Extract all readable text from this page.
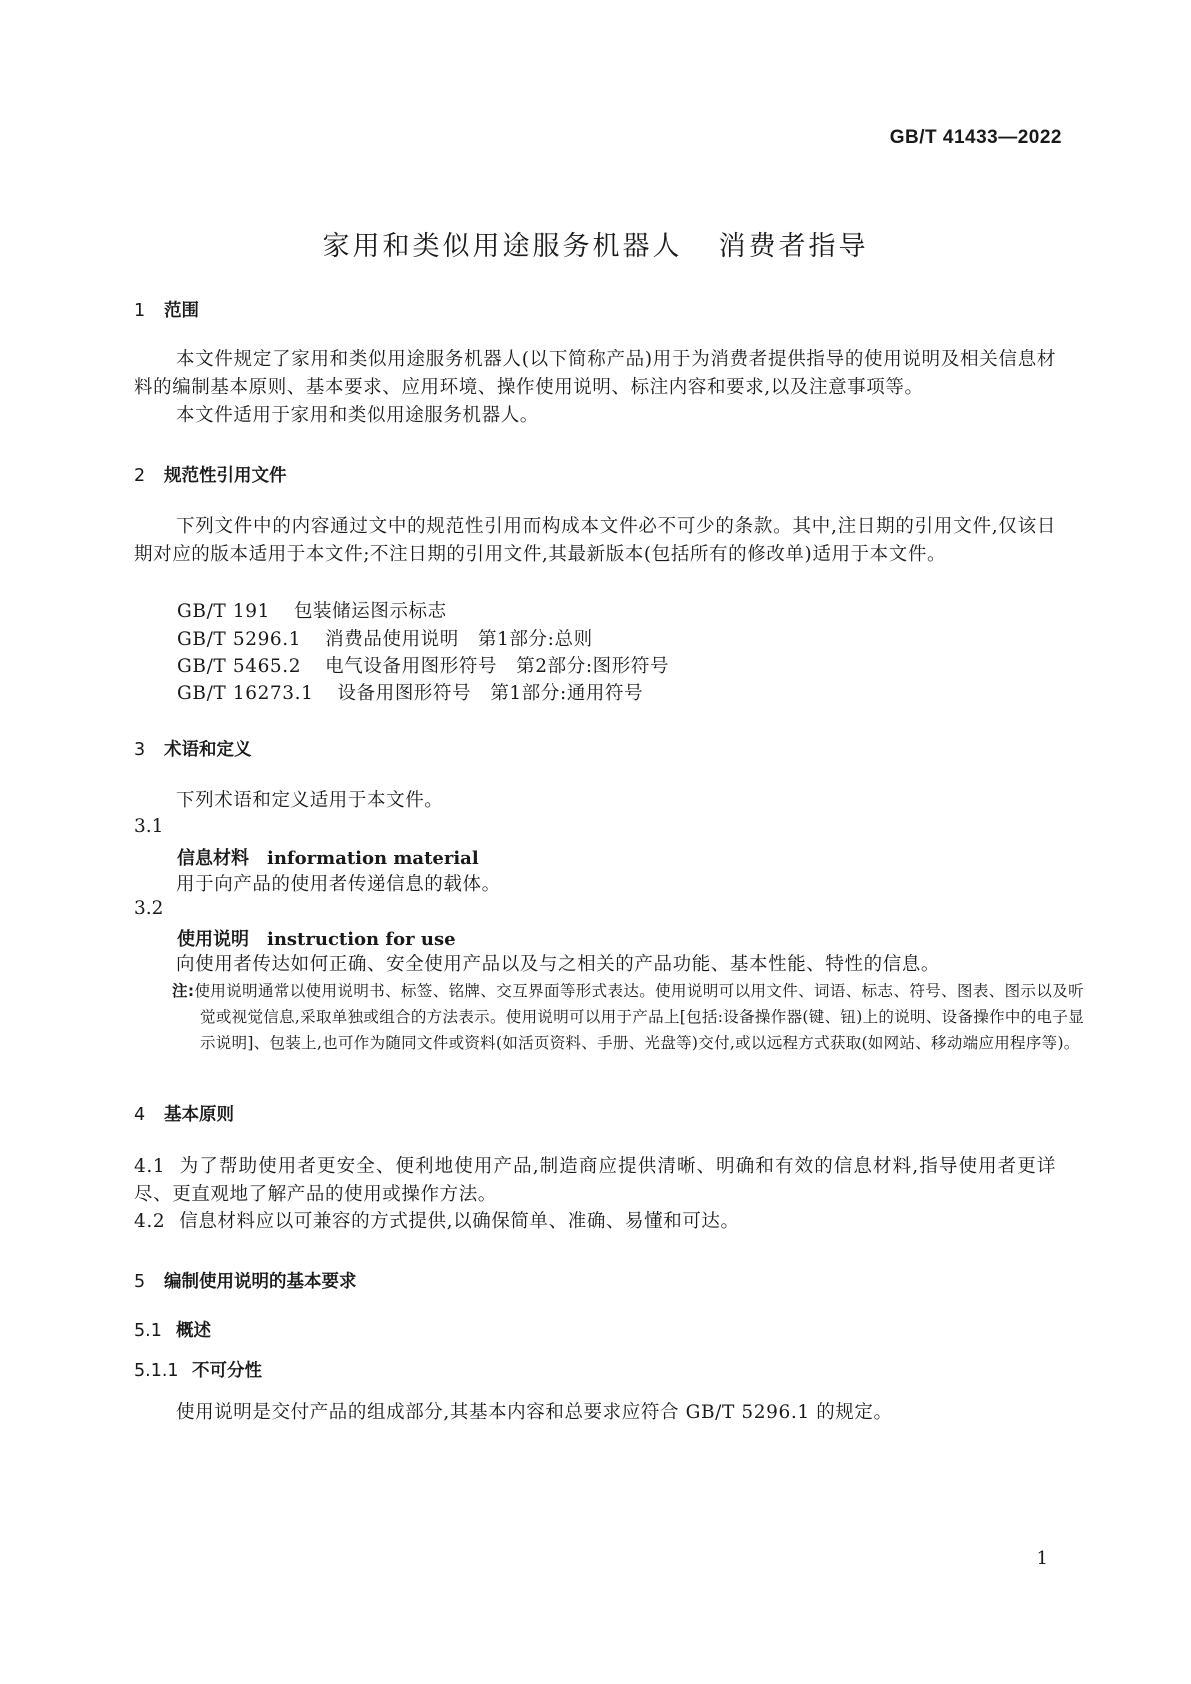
GB/T 41433—2022
家用和类似用途服务机器人 消费者指导
1 范围
本文件规定了家用和类似用途服务机器人(以下简称产品)用于为消费者提供指导的使用说明及相关信息材料的编制基本原则、基本要求、应用环境、操作使用说明、标注内容和要求,以及注意事项等。
本文件适用于家用和类似用途服务机器人。
2 规范性引用文件
下列文件中的内容通过文中的规范性引用而构成本文件必不可少的条款。其中,注日期的引用文件,仅该日期对应的版本适用于本文件;不注日期的引用文件,其最新版本(包括所有的修改单)适用于本文件。
GB/T 191 包装储运图示标志
GB/T 5296.1 消费品使用说明　第1部分:总则
GB/T 5465.2 电气设备用图形符号　第2部分:图形符号
GB/T 16273.1 设备用图形符号　第1部分:通用符号
3 术语和定义
下列术语和定义适用于本文件。
3.1
信息材料 information material
用于向产品的使用者传递信息的载体。
3.2
使用说明 instruction for use
向使用者传达如何正确、安全使用产品以及与之相关的产品功能、基本性能、特性的信息。
注:使用说明通常以使用说明书、标签、铭牌、交互界面等形式表达。使用说明可以用文件、词语、标志、符号、图表、图示以及听觉或视觉信息,采取单独或组合的方法表示。使用说明可以用于产品上[包括:设备操作器(键、钮)上的说明、设备操作中的电子显示说明]、包装上,也可作为随同文件或资料(如活页资料、手册、光盘等)交付,或以远程方式获取(如网站、移动端应用程序等)。
4 基本原则
4.1 为了帮助使用者更安全、便利地使用产品,制造商应提供清晰、明确和有效的信息材料,指导使用者更详尽、更直观地了解产品的使用或操作方法。
4.2 信息材料应以可兼容的方式提供,以确保简单、准确、易懂和可达。
5 编制使用说明的基本要求
5.1 概述
5.1.1 不可分性
使用说明是交付产品的组成部分,其基本内容和总要求应符合 GB/T 5296.1 的规定。
1
